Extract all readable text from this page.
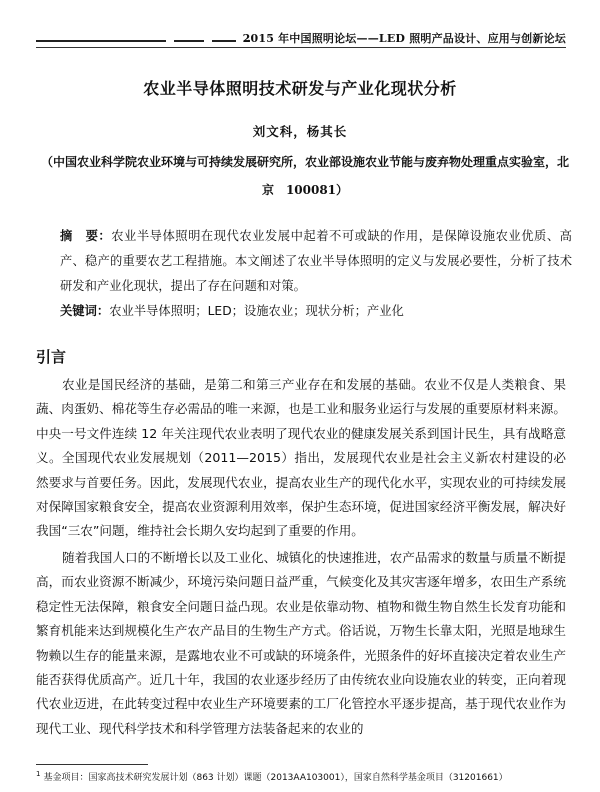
2015 年中国照明论坛——LED 照明产品设计、应用与创新论坛
农业半导体照明技术研发与产业化现状分析
刘文科，杨其长
（中国农业科学院农业环境与可持续发展研究所，农业部设施农业节能与废弃物处理重点实验室，北京　100081）
摘　要：农业半导体照明在现代农业发展中起着不可或缺的作用，是保障设施农业优质、高产、稳产的重要农艺工程措施。本文阐述了农业半导体照明的定义与发展必要性，分析了技术研发和产业化现状，提出了存在问题和对策。
关键词：农业半导体照明；LED；设施农业；现状分析；产业化
引言
农业是国民经济的基础，是第二和第三产业存在和发展的基础。农业不仅是人类粮食、果蔬、肉蛋奶、棉花等生存必需品的唯一来源，也是工业和服务业运行与发展的重要原材料来源。中央一号文件连续 12 年关注现代农业表明了现代农业的健康发展关系到国计民生，具有战略意义。全国现代农业发展规划（2011—2015）指出，发展现代农业是社会主义新农村建设的必然要求与首要任务。因此，发展现代农业，提高农业生产的现代化水平，实现农业的可持续发展对保障国家粮食安全，提高农业资源利用效率，保护生态环境，促进国家经济平衡发展，解决好我国“三农”问题，维持社会长期久安均起到了重要的作用。
随着我国人口的不断增长以及工业化、城镇化的快速推进，农产品需求的数量与质量不断提高，而农业资源不断减少，环境污染问题日益严重，气候变化及其灾害逐年增多，农田生产系统稳定性无法保障，粮食安全问题日益凸现。农业是依靠动物、植物和微生物自然生长发育功能和繁育机能来达到规模化生产农产品目的生物生产方式。俗话说，万物生长靠太阳，光照是地球生物赖以生存的能量来源，是露地农业不可或缺的环境条件，光照条件的好坏直接决定着农业生产能否获得优质高产。近几十年，我国的农业逐步经历了由传统农业向设施农业的转变，正向着现代农业迈进，在此转变过程中农业生产环境要素的工厂化管控水平逐步提高，基于现代农业作为现代工业、现代科学技术和科学管理方法装备起来的农业的
$^1$ 基金项目：国家高技术研究发展计划（863 计划）课题（2013AA103001），国家自然科学基金项目（31201661）
